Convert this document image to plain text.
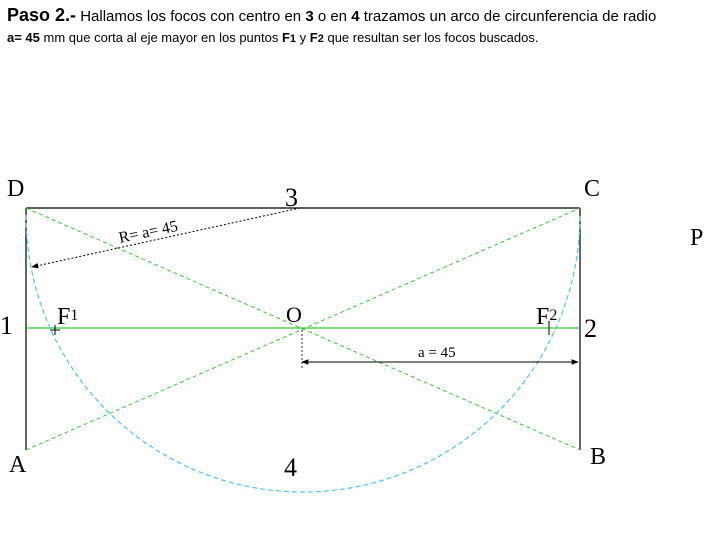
Paso 2.- Hallamos los focos con centro en 3 o en 4 trazamos un arco de circunferencia de radio
a= 45 mm que corta al eje mayor en los puntos F1 y F2 que resultan ser los focos buscados.
R= a= 45
a = 45
D	C
A	B
3
4
1	2
O
P
F1	F2
